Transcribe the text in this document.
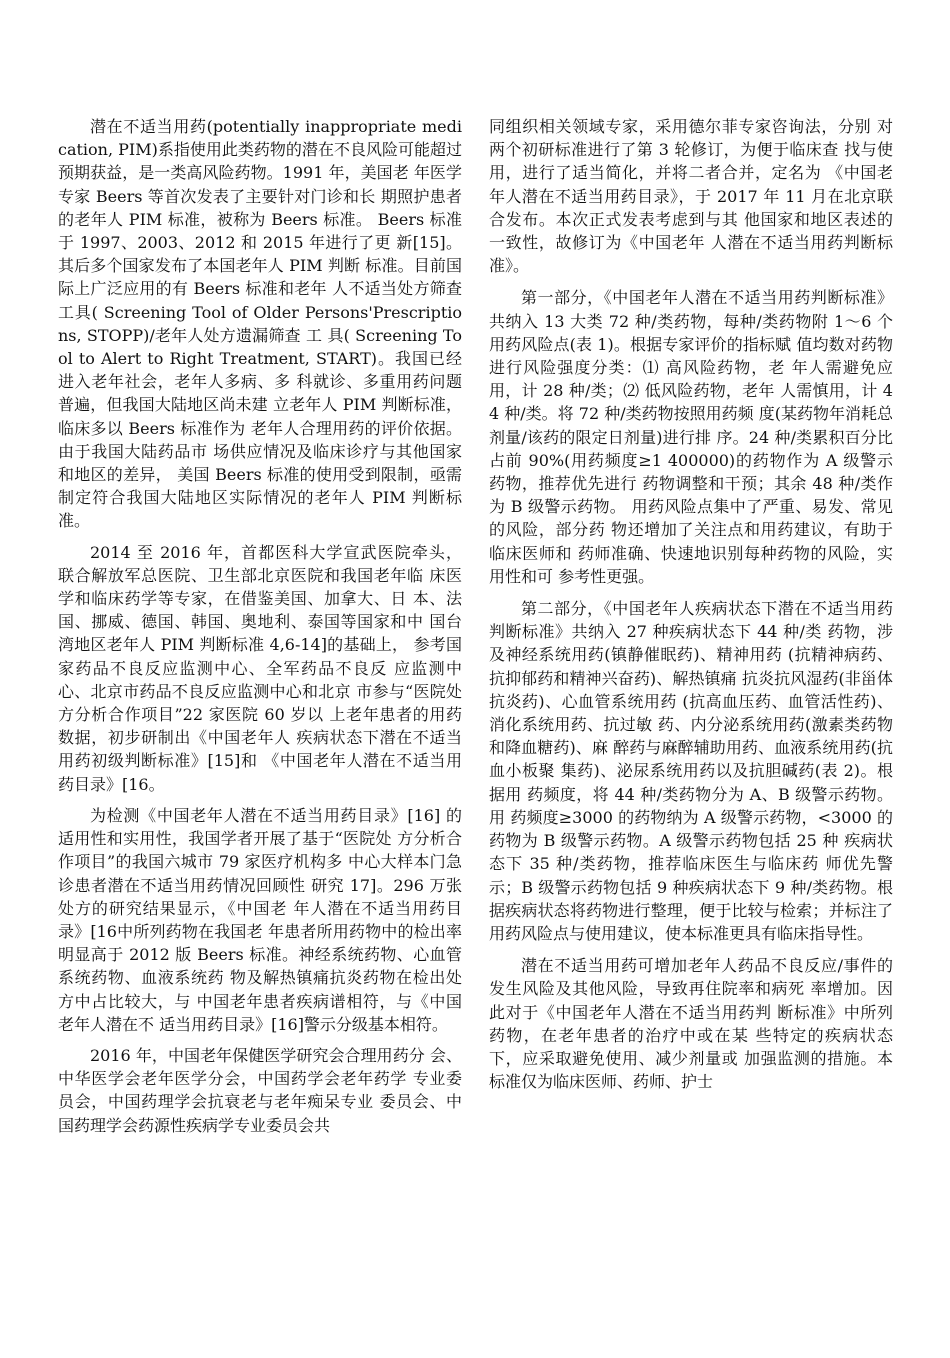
潜在不适当用药(potentially inappropriate medication, PIM)系指使用此类药物的潜在不良风险可能超过预期获益，是一类高风险药物。1991 年，美国老 年医学专家 Beers 等首次发表了主要针对门诊和长 期照护患者的老年人 PIM 标准，被称为 Beers 标准。 Beers 标准于 1997、2003、2012 和 2015 年进行了更 新[15]。其后多个国家发布了本国老年人 PIM 判断 标准。目前国际上广泛应用的有 Beers 标准和老年 人不适当处方筛查工具( Screening Tool of Older Persons'Prescriptions, STOPP)/老年人处方遗漏筛查 工 具( Screening Tool to Alert to Right Treatment, START)。我国已经进入老年社会，老年人多病、多 科就诊、多重用药问题普遍，但我国大陆地区尚未建 立老年人 PIM 判断标准，临床多以 Beers 标准作为 老年人合理用药的评价依据。由于我国大陆药品市 场供应情况及临床诊疗与其他国家和地区的差异， 美国 Beers 标准的使用受到限制，亟需制定符合我国大陆地区实际情况的老年人 PIM 判断标准。

2014 至 2016 年，首都医科大学宣武医院牵头， 联合解放军总医院、卫生部北京医院和我国老年临 床医学和临床药学等专家，在借鉴美国、加拿大、日 本、法国、挪威、德国、韩国、奥地利、泰国等国家和中 国台湾地区老年人 PIM 判断标准 4,6-14]的基础上， 参考国家药品不良反应监测中心、全军药品不良反 应监测中心、北京市药品不良反应监测中心和北京 市参与“医院处方分析合作项目”22 家医院 60 岁以 上老年患者的用药数据，初步研制出《中国老年人 疾病状态下潜在不适当用药初级判断标准》[15]和 《中国老年人潜在不适当用药目录》[16。

为检测《中国老年人潜在不适当用药目录》[16] 的适用性和实用性，我国学者开展了基于“医院处 方分析合作项目”的我国六城市 79 家医疗机构多 中心大样本门急诊患者潜在不适当用药情况回顾性 研究 17]。296 万张处方的研究结果显示，《中国老 年人潜在不适当用药目录》[16中所列药物在我国老 年患者所用药物中的检出率明显高于 2012 版 Beers 标准。神经系统药物、心血管系统药物、血液系统药 物及解热镇痛抗炎药物在检出处方中占比较大，与 中国老年患者疾病谱相符，与《中国老年人潜在不 适当用药目录》[16]警示分级基本相符。

2016 年，中国老年保健医学研究会合理用药分 会、中华医学会老年医学分会，中国药学会老年药学 专业委员会，中国药理学会抗衰老与老年痴呆专业 委员会、中国药理学会药源性疾病学专业委员会共

同组织相关领域专家，采用德尔菲专家咨询法，分别 对两个初研标准进行了第 3 轮修订，为便于临床查 找与使用，进行了适当简化，并将二者合并，定名为 《中国老年人潜在不适当用药目录》，于 2017 年 11 月在北京联合发布。本次正式发表考虑到与其 他国家和地区表述的一致性，故修订为《中国老年 人潜在不适当用药判断标准》。

第一部分，《中国老年人潜在不适当用药判断标准》共纳入 13 大类 72 种/类药物，每种/类药物附 1～6 个用药风险点(表 1)。根据专家评价的指标赋 值均数对药物进行风险强度分类：⑴ 高风险药物，老 年人需避免应用，计 28 种/类；⑵ 低风险药物，老年 人需慎用，计 44 种/类。将 72 种/类药物按照用药频 度(某药物年消耗总剂量/该药的限定日剂量)进行排 序。24 种/类累积百分比占前 90%(用药频度≥1 400000)的药物作为 A 级警示药物，推荐优先进行 药物调整和干预；其余 48 种/类作为 B 级警示药物。 用药风险点集中了严重、易发、常见的风险，部分药 物还增加了关注点和用药建议，有助于临床医师和 药师准确、快速地识别每种药物的风险，实用性和可 参考性更强。

第二部分，《中国老年人疾病状态下潜在不适当用药判断标准》共纳入 27 种疾病状态下 44 种/类 药物，涉及神经系统用药(镇静催眠药)、精神用药 (抗精神病药、抗抑郁药和精神兴奋药)、解热镇痛 抗炎抗风湿药(非甾体抗炎药)、心血管系统用药 (抗高血压药、血管活性药)、消化系统用药、抗过敏 药、内分泌系统用药(激素类药物和降血糖药)、麻 醉药与麻醉辅助用药、血液系统用药(抗血小板聚 集药)、泌尿系统用药以及抗胆碱药(表 2)。根据用 药频度，将 44 种/类药物分为 A、B 级警示药物。用 药频度≥3000 的药物纳为 A 级警示药物，<3000 的药物为 B 级警示药物。A 级警示药物包括 25 种 疾病状态下 35 种/类药物，推荐临床医生与临床药 师优先警示；B 级警示药物包括 9 种疾病状态下 9 种/类药物。根据疾病状态将药物进行整理，便于比较与检索；并标注了用药风险点与使用建议，使本标准更具有临床指导性。

潜在不适当用药可增加老年人药品不良反应/事件的发生风险及其他风险，导致再住院率和病死 率增加。因此对于《中国老年人潜在不适当用药判 断标准》中所列药物，在老年患者的治疗中或在某 些特定的疾病状态下，应采取避免使用、减少剂量或 加强监测的措施。本标准仅为临床医师、药师、护士
